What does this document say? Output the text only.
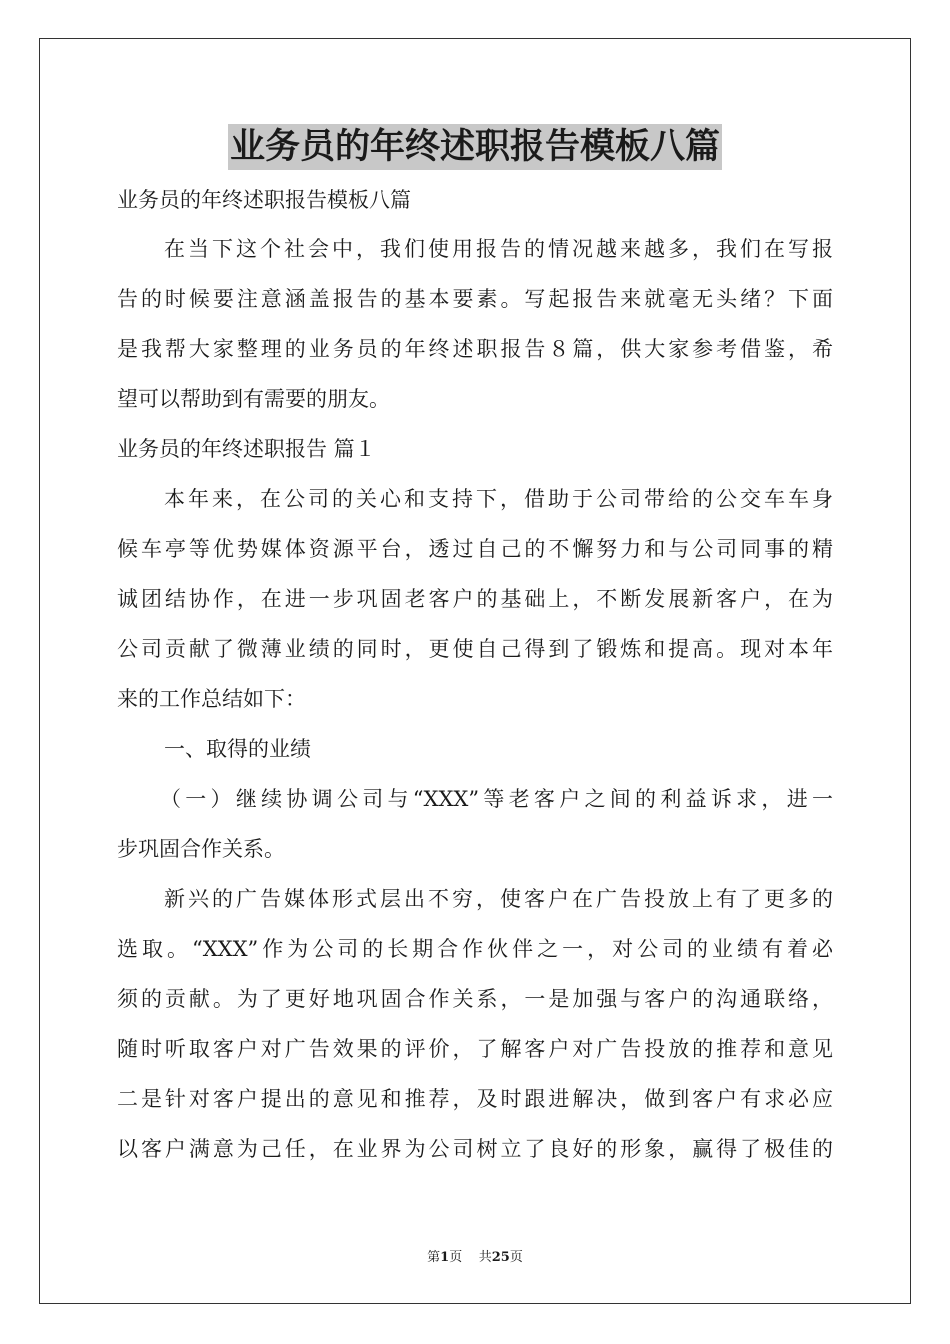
业务员的年终述职报告模板八篇
业务员的年终述职报告模板八篇
在当下这个社会中，我们使用报告的情况越来越多，我们在写报
告的时候要注意涵盖报告的基本要素。写起报告来就毫无头绪？下面
是我帮大家整理的业务员的年终述职报告８篇，供大家参考借鉴，希
望可以帮助到有需要的朋友。
业务员的年终述职报告 篇１
本年来，在公司的关心和支持下，借助于公司带给的公交车车身
候车亭等优势媒体资源平台，透过自己的不懈努力和与公司同事的精
诚团结协作，在进一步巩固老客户的基础上，不断发展新客户，在为
公司贡献了微薄业绩的同时，更使自己得到了锻炼和提高。现对本年
来的工作总结如下：
一、取得的业绩
（一）继续协调公司与“XXX”等老客户之间的利益诉求，进一
步巩固合作关系。
新兴的广告媒体形式层出不穷，使客户在广告投放上有了更多的
选取。“XXX”作为公司的长期合作伙伴之一，对公司的业绩有着必
须的贡献。为了更好地巩固合作关系，一是加强与客户的沟通联络，
随时听取客户对广告效果的评价，了解客户对广告投放的推荐和意见
二是针对客户提出的意见和推荐，及时跟进解决，做到客户有求必应
以客户满意为己任，在业界为公司树立了良好的形象，赢得了极佳的
第1页 共25页
